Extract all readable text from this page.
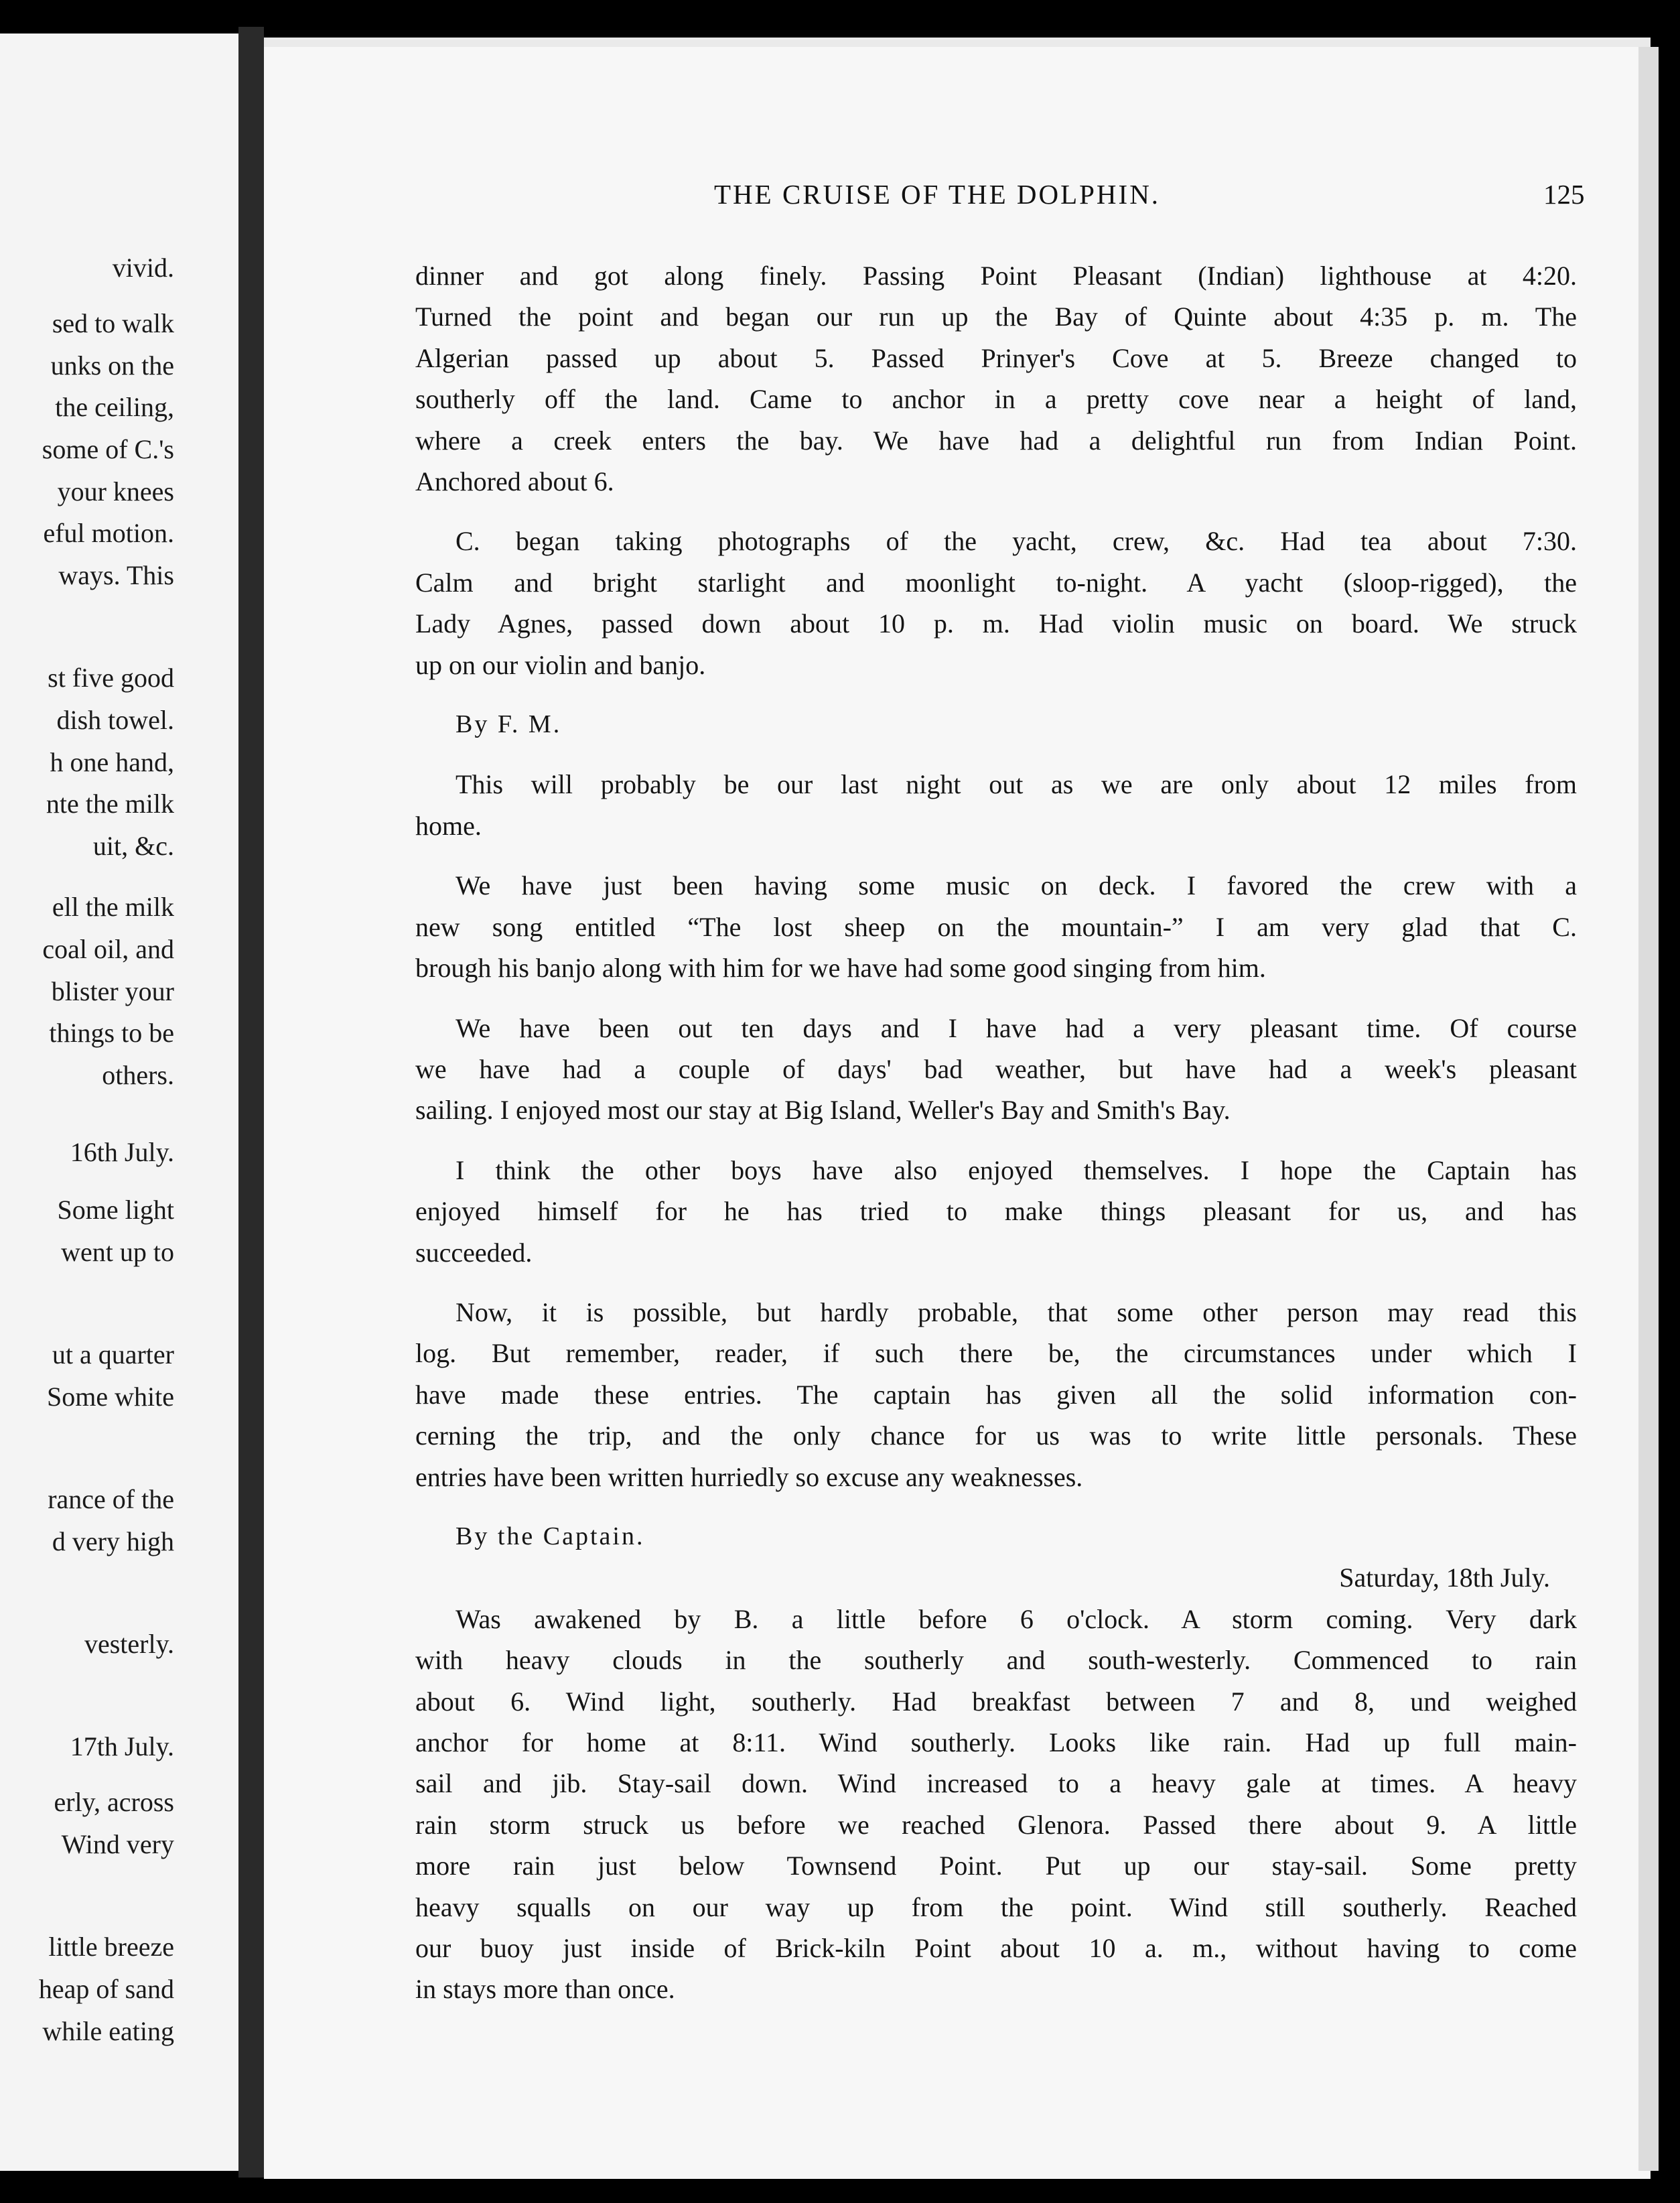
vivid.
sed to walk
unks on the
the ceiling,
some of C.'s
your knees
eful motion.
ways. This
st five good
dish towel.
h one hand,
nte the milk
uit, &c.
ell the milk
coal oil, and
blister your
things to be
others.
16th July.
Some light
went up to
ut a quarter
Some white
rance of the
d very high
vesterly.
17th July.
erly, across
Wind very
little breeze
heap of sand
while eating
THE CRUISE OF THE DOLPHIN.	125

dinner and got along finely. Passing Point Pleasant (Indian) lighthouse at 4:20.

Turned the point and began our run up the Bay of Quinte about 4:35 p. m. The

Algerian passed up about 5. Passed Prinyer's Cove at 5. Breeze changed to

southerly off the land. Came to anchor in a pretty cove near a height of land,

where a creek enters the bay. We have had a delightful run from Indian Point.

Anchored about 6.

C. began taking photographs of the yacht, crew, &c. Had tea about 7:30.

Calm and bright starlight and moonlight to-night. A yacht (sloop-rigged), the

Lady Agnes, passed down about 10 p. m. Had violin music on board. We struck

up on our violin and banjo.

By F. M.

This will probably be our last night out as we are only about 12 miles from

home.

We have just been having some music on deck. I favored the crew with a

new song entitled “The lost sheep on the mountain-” I am very glad that C.

brough his banjo along with him for we have had some good singing from him.

We have been out ten days and I have had a very pleasant time. Of course

we have had a couple of days' bad weather, but have had a week's pleasant

sailing. I enjoyed most our stay at Big Island, Weller's Bay and Smith's Bay.

I think the other boys have also enjoyed themselves. I hope the Captain has

enjoyed himself for he has tried to make things pleasant for us, and has

succeeded.

Now, it is possible, but hardly probable, that some other person may read this

log. But remember, reader, if such there be, the circumstances under which I

have made these entries. The captain has given all the solid information con-

cerning the trip, and the only chance for us was to write little personals. These

entries have been written hurriedly so excuse any weaknesses.

By the Captain.

Saturday, 18th July.

Was awakened by B. a little before 6 o'clock. A storm coming. Very dark

with heavy clouds in the southerly and south-westerly. Commenced to rain

about 6. Wind light, southerly. Had breakfast between 7 and 8, und weighed

anchor for home at 8:11. Wind southerly. Looks like rain. Had up full main-

sail and jib. Stay-sail down. Wind increased to a heavy gale at times. A heavy

rain storm struck us before we reached Glenora. Passed there about 9. A little

more rain just below Townsend Point. Put up our stay-sail. Some pretty

heavy squalls on our way up from the point. Wind still southerly. Reached

our buoy just inside of Brick-kiln Point about 10 a. m., without having to come

in stays more than once.
